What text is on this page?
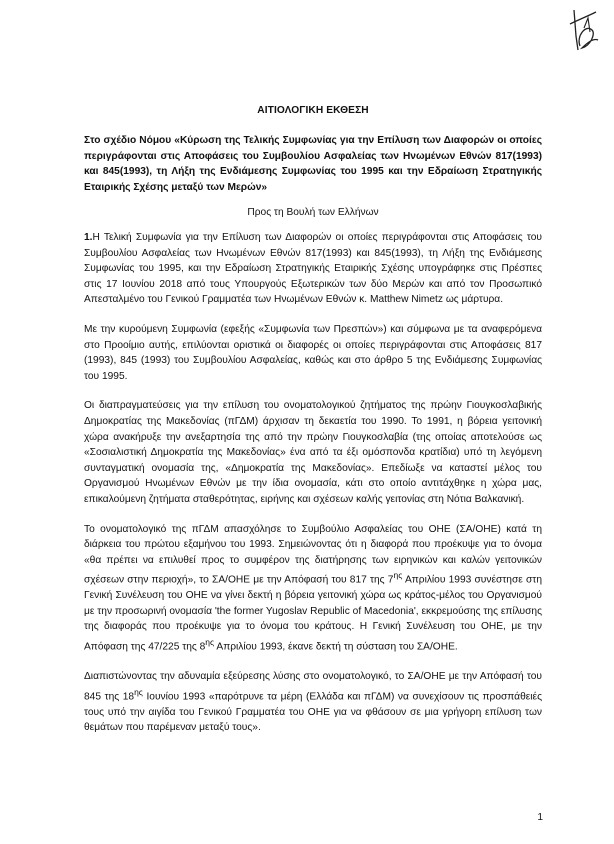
ΑΙΤΙΟΛΟΓΙΚΗ ΕΚΘΕΣΗ
Στο σχέδιο Νόμου «Κύρωση της Τελικής Συμφωνίας για την Επίλυση των Διαφορών οι οποίες περιγράφονται στις Αποφάσεις του Συμβουλίου Ασφαλείας των Ηνωμένων Εθνών 817(1993) και 845(1993), τη Λήξη της Ενδιάμεσης Συμφωνίας του 1995 και την Εδραίωση Στρατηγικής Εταιρικής Σχέσης μεταξύ των Μερών»
Προς τη Βουλή των Ελλήνων

1.Η Τελική Συμφωνία για την Επίλυση των Διαφορών οι οποίες περιγράφονται στις Αποφάσεις του Συμβουλίου Ασφαλείας των Ηνωμένων Εθνών 817(1993) και 845(1993), τη Λήξη της Ενδιάμεσης Συμφωνίας του 1995, και την Εδραίωση Στρατηγικής Εταιρικής Σχέσης υπογράφηκε στις Πρέσπες στις 17 Ιουνίου 2018 από τους Υπουργούς Εξωτερικών των δύο Μερών και από τον Προσωπικό Απεσταλμένο του Γενικού Γραμματέα των Ηνωμένων Εθνών κ. Matthew Nimetz ως μάρτυρα.

Με την κυρούμενη Συμφωνία (εφεξής «Συμφωνία των Πρεσπών») και σύμφωνα με τα αναφερόμενα στο Προοίμιο αυτής, επιλύονται οριστικά οι διαφορές οι οποίες περιγράφονται στις Αποφάσεις 817 (1993), 845 (1993) του Συμβουλίου Ασφαλείας, καθώς και στο άρθρο 5 της Ενδιάμεσης Συμφωνίας του 1995.

Οι διαπραγματεύσεις για την επίλυση του ονοματολογικού ζητήματος της πρώην Γιουγκοσλαβικής Δημοκρατίας της Μακεδονίας (πΓΔΜ) άρχισαν τη δεκαετία του 1990. Το 1991, η βόρεια γειτονική χώρα ανακήρυξε την ανεξαρτησία της από την πρώην Γιουγκοσλαβία (της οποίας αποτελούσε ως «Σοσιαλιστική Δημοκρατία της Μακεδονίας» ένα από τα έξι ομόσπονδα κρατίδια) υπό τη λεγόμενη συνταγματική ονομασία της, «Δημοκρατία της Μακεδονίας». Επεδίωξε να καταστεί μέλος του Οργανισμού Ηνωμένων Εθνών με την ίδια ονομασία, κάτι στο οποίο αντιτάχθηκε η χώρα μας, επικαλούμενη ζητήματα σταθερότητας, ειρήνης και σχέσεων καλής γειτονίας στη Νότια Βαλκανική.

Το ονοματολογικό της πΓΔΜ απασχόλησε το Συμβούλιο Ασφαλείας του ΟΗΕ (ΣΑ/ΟΗΕ) κατά τη διάρκεια του πρώτου εξαμήνου του 1993. Σημειώνοντας ότι η διαφορά που προέκυψε για το όνομα «θα πρέπει να επιλυθεί προς το συμφέρον της διατήρησης των ειρηνικών και καλών γειτονικών σχέσεων στην περιοχή», το ΣΑ/ΟΗΕ με την Απόφασή του 817 της $7^{\eta\varsigma}$ Απριλίου 1993 συνέστησε στη Γενική Συνέλευση του ΟΗΕ να γίνει δεκτή η βόρεια γειτονική χώρα ως κράτος-μέλος του Οργανισμού με την προσωρινή ονομασία 'the former Yugoslav Republic of Macedonia', εκκρεμούσης της επίλυσης της διαφοράς που προέκυψε για το όνομα του κράτους. Η Γενική Συνέλευση του ΟΗΕ, με την Απόφαση της 47/225 της $8^{\eta\varsigma}$ Απριλίου 1993, έκανε δεκτή τη σύσταση του ΣΑ/ΟΗΕ.

Διαπιστώνοντας την αδυναμία εξεύρεσης λύσης στο ονοματολογικό, το ΣΑ/ΟΗΕ με την Απόφασή του 845 της $18^{\eta\varsigma}$ Ιουνίου 1993 «παρότρυνε τα μέρη (Ελλάδα και πΓΔΜ) να συνεχίσουν τις προσπάθειές τους υπό την αιγίδα του Γενικού Γραμματέα του ΟΗΕ για να φθάσουν σε μια γρήγορη επίλυση των θεμάτων που παρέμεναν μεταξύ τους».

1
